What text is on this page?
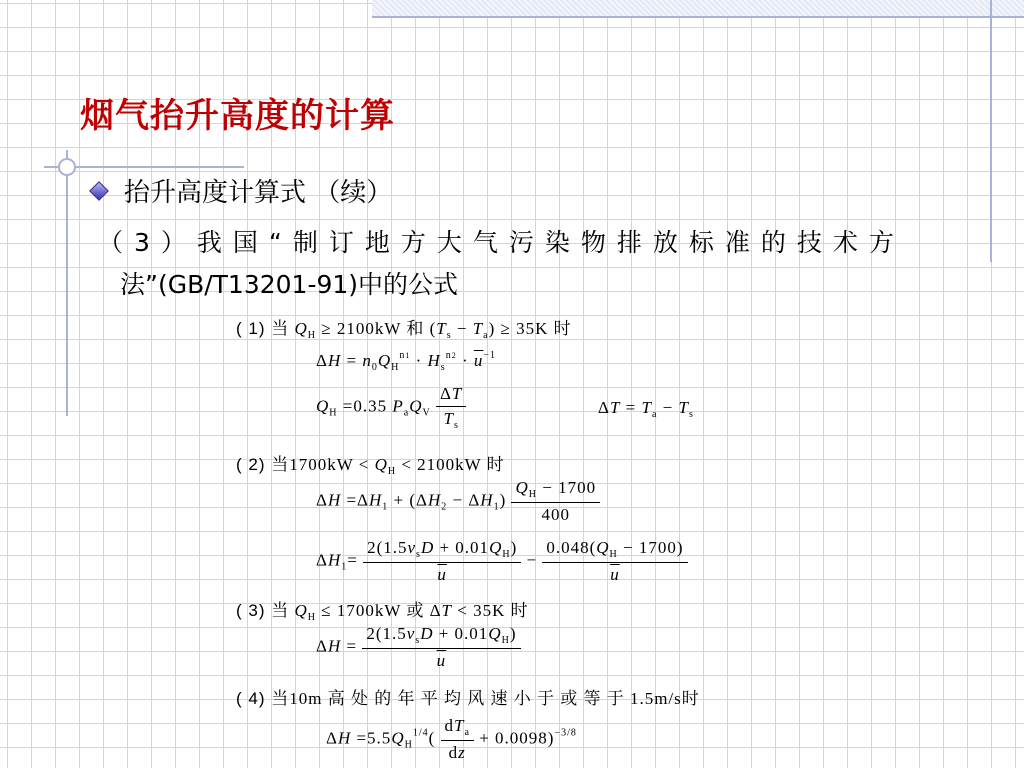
烟气抬升高度的计算
抬升高度计算式 （续）
（3）我国“制订地方大气污染物排放标准的技术方
法”(GB/T13201-91)中的公式
( 1) 当 $Q_H \ge 2100kW$ 和 $(T_s - T_a) \ge 35K$ 时
$\Delta H = n_0Q_H^{n1} \cdot H_s^{n2} \cdot \overline{u}^{-1}$
$Q_H =0.35$ $P_aQ_V \frac{\Delta T}{T_s}$	$\Delta T = T_a - T_s$
( 2) 当$1700kW < Q_H < 2100kW$ 时
$\Delta H =\Delta H_1 + (\Delta H_2 - \Delta H_1) \frac{Q_H - 1700}{400}$
$\Delta H_1= \frac{2(1.5v_sD + 0.01Q_H)}{u} - \frac{0.048(Q_H - 1700)}{u}$
( 3) 当 $Q_H \le 1700kW$ 或 ΔT < 35K 时
$\Delta H = \frac{2(1.5v_sD + 0.01Q_H)}{u}$
( 4) 当10m 高 处 的 年 平 均 风 速 小 于 或 等 于 1.5m/s时
$\Delta H =5.5Q_H^{1/4}( \frac{dT_a}{dz} + 0.0098)^{-3/8}$
